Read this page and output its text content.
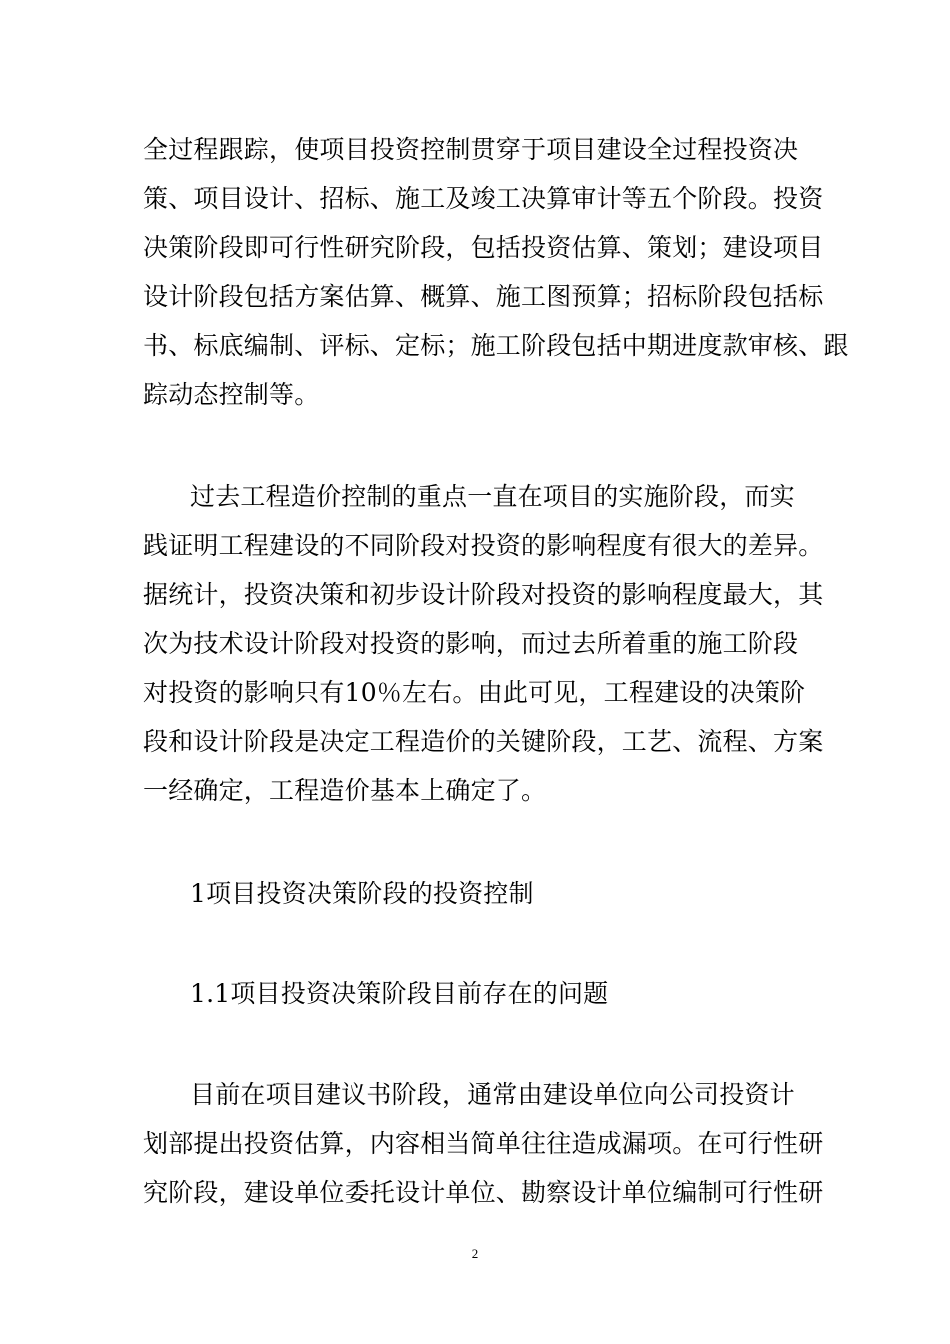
全过程跟踪，使项目投资控制贯穿于项目建设全过程投资决
策、项目设计、招标、施工及竣工决算审计等五个阶段。投资
决策阶段即可行性研究阶段，包括投资估算、策划；建设项目
设计阶段包括方案估算、概算、施工图预算；招标阶段包括标
书、标底编制、评标、定标；施工阶段包括中期进度款审核、跟
踪动态控制等。
过去工程造价控制的重点一直在项目的实施阶段，而实
践证明工程建设的不同阶段对投资的影响程度有很大的差异。
据统计，投资决策和初步设计阶段对投资的影响程度最大，其
次为技术设计阶段对投资的影响，而过去所着重的施工阶段
对投资的影响只有10％左右。由此可见，工程建设的决策阶
段和设计阶段是决定工程造价的关键阶段，工艺、流程、方案
一经确定，工程造价基本上确定了。
1项目投资决策阶段的投资控制
1.1项目投资决策阶段目前存在的问题
目前在项目建议书阶段，通常由建设单位向公司投资计
划部提出投资估算，内容相当简单往往造成漏项。在可行性研
究阶段，建设单位委托设计单位、勘察设计单位编制可行性研
2
